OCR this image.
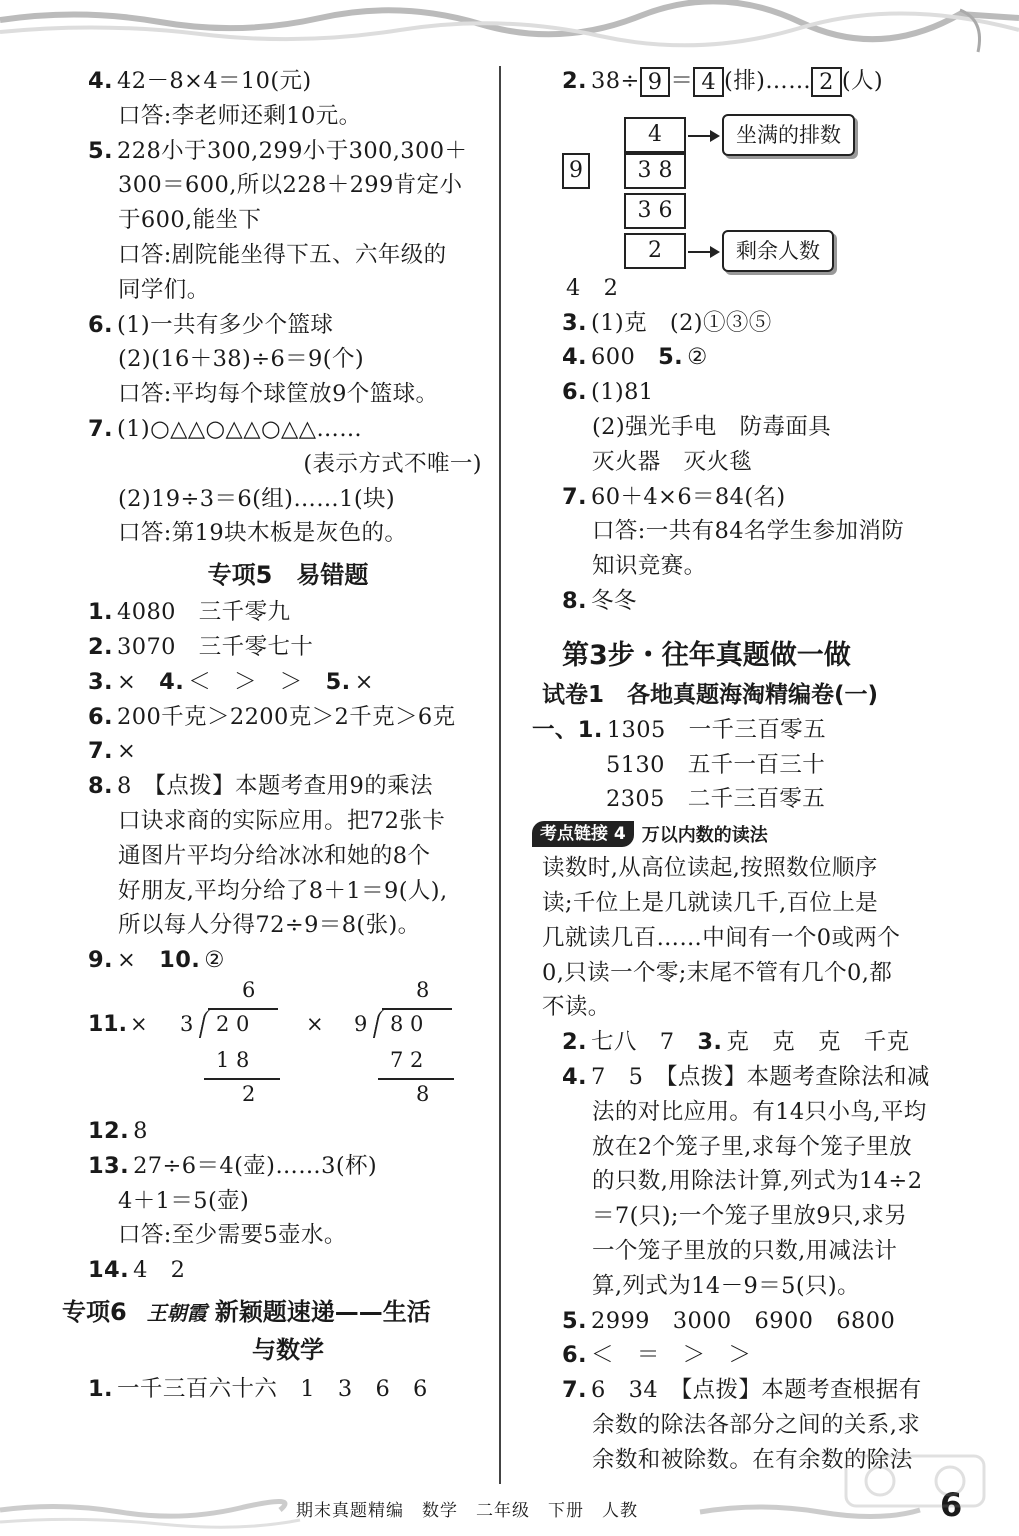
4. 42－8×4＝10(元)
口答:李老师还剩10元。
5. 228小于300,299小于300,300＋
300＝600,所以228＋299肯定小
于600,能坐下
口答:剧院能坐得下五、六年级的
同学们。
6. (1)一共有多少个篮球
(2)(16＋38)÷6＝9(个)
口答:平均每个球筐放9个篮球。
7. (1)○△△○△△○△△……
(表示方式不唯一)
(2)19÷3＝6(组)……1(块)
口答:第19块木板是灰色的。
专项5　易错题
1. 4080　三千零九
2. 3070　三千零七十
3. ×　4. ＜　＞　＞　5. ×
6. 200千克＞2200克＞2千克＞6克
7. ×
8. 8　【点拨】本题考查用9的乘法
口诀求商的实际应用。把72张卡
通图片平均分给冰冰和她的8个
好朋友,平均分给了8＋1＝9(人),
所以每人分得72÷9＝8(张)。
9. ×　10. ②
11. ×	×
6
3 2 0
1 8
2
8
9 8 0
7 2
8
12. 8
13. 27÷6＝4(壶)……3(杯)
4＋1＝5(壶)
口答:至少需要5壶水。
14. 4　2
专项6 王朝霞 新颖题速递——生活
与数学
1. 一千三百六十六　1　3　6　6
2. 38÷ 9 ＝ 4 (排)…… 2 (人)
4
9	3 8
3 6
2
坐满的排数
剩余人数
4　2
3. (1)克　(2)①③⑤
4. 600　5. ②
6. (1)81
(2)强光手电　防毒面具
灭火器　灭火毯
7. 60＋4×6＝84(名)
口答:一共有84名学生参加消防
知识竞赛。
8. 冬冬
第3步・往年真题做一做
试卷1　各地真题海淘精编卷(一)
一、1. 1305　一千三百零五
5130　五千一百三十
2305　二千三百零五
考点链接 4 万以内数的读法
读数时,从高位读起,按照数位顺序
读;千位上是几就读几千,百位上是
几就读几百……中间有一个0或两个
0,只读一个零;末尾不管有几个0,都
不读。
2. 七八　7　3. 克　克　克　千克
4. 7　5　【点拨】本题考查除法和减
法的对比应用。有14只小鸟,平均
放在2个笼子里,求每个笼子里放
的只数,用除法计算,列式为14÷2
＝7(只);一个笼子里放9只,求另
一个笼子里放的只数,用减法计
算,列式为14－9＝5(只)。
5. 2999　3000　6900　6800
6. ＜　＝　＞　＞
7. 6　34　【点拨】本题考查根据有
余数的除法各部分之间的关系,求
余数和被除数。在有余数的除法
期末真题精编　数学　二年级　下册　人教	6
